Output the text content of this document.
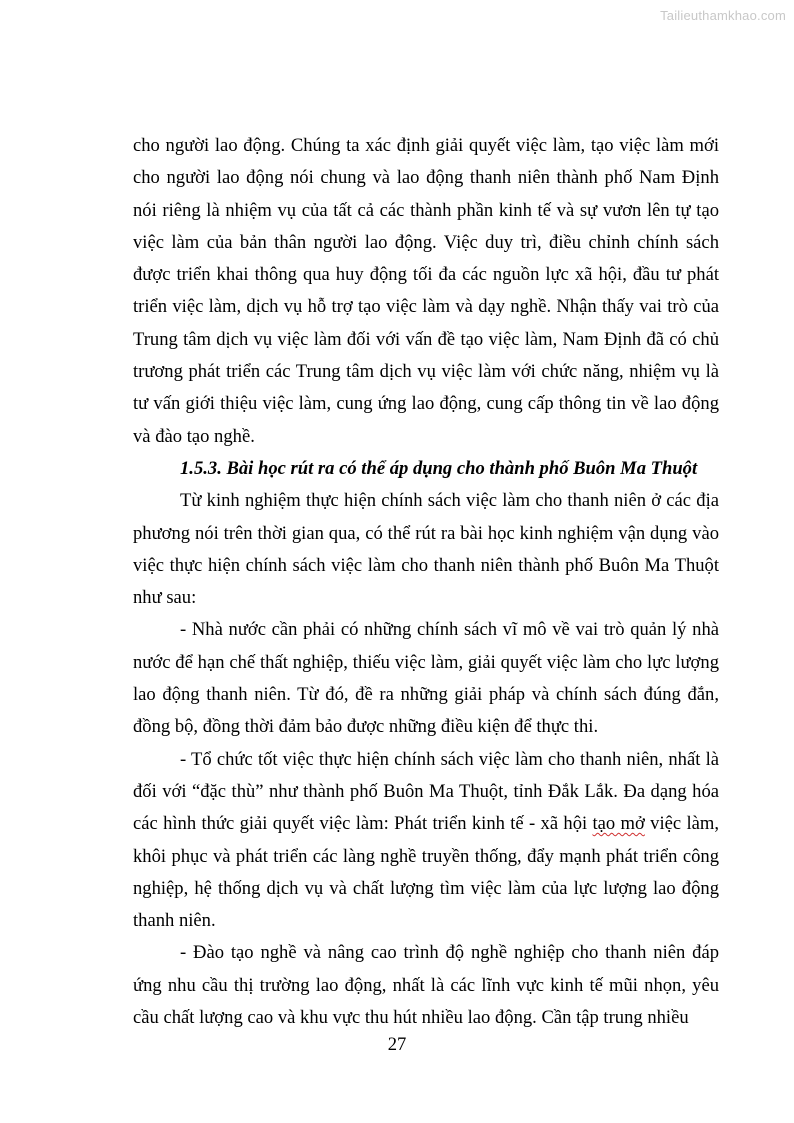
Tailieuthamkhao.com

cho người lao động. Chúng ta xác định giải quyết việc làm, tạo việc làm mới cho người lao động nói chung và lao động thanh niên thành phố Nam Định nói riêng là nhiệm vụ của tất cả các thành phần kinh tế và sự vươn lên tự tạo việc làm của bản thân người lao động. Việc duy trì, điều chỉnh chính sách được triển khai thông qua huy động tối đa các nguồn lực xã hội, đầu tư phát triển việc làm, dịch vụ hỗ trợ tạo việc làm và dạy nghề. Nhận thấy vai trò của Trung tâm dịch vụ việc làm đối với vấn đề tạo việc làm, Nam Định đã có chủ trương phát triển các Trung tâm dịch vụ việc làm với chức năng, nhiệm vụ là tư vấn giới thiệu việc làm, cung ứng lao động, cung cấp thông tin về lao động và đào tạo nghề.

1.5.3. Bài học rút ra có thể áp dụng cho thành phố Buôn Ma Thuột

Từ kinh nghiệm thực hiện chính sách việc làm cho thanh niên ở các địa phương nói trên thời gian qua, có thể rút ra bài học kinh nghiệm vận dụng vào việc thực hiện chính sách việc làm cho thanh niên thành phố Buôn Ma Thuột như sau:

- Nhà nước cần phải có những chính sách vĩ mô về vai trò quản lý nhà nước để hạn chế thất nghiệp, thiếu việc làm, giải quyết việc làm cho lực lượng lao động thanh niên. Từ đó, đề ra những giải pháp và chính sách đúng đắn, đồng bộ, đồng thời đảm bảo được những điều kiện để thực thi.

- Tổ chức tốt việc thực hiện chính sách việc làm cho thanh niên, nhất là đối với “đặc thù” như thành phố Buôn Ma Thuột, tỉnh Đắk Lắk. Đa dạng hóa các hình thức giải quyết việc làm: Phát triển kinh tế - xã hội tạo mở việc làm, khôi phục và phát triển các làng nghề truyền thống, đẩy mạnh phát triển công nghiệp, hệ thống dịch vụ và chất lượng tìm việc làm của lực lượng lao động thanh niên.

- Đào tạo nghề và nâng cao trình độ nghề nghiệp cho thanh niên đáp ứng nhu cầu thị trường lao động, nhất là các lĩnh vực kinh tế mũi nhọn, yêu cầu chất lượng cao và khu vực thu hút nhiều lao động. Cần tập trung nhiều

27
